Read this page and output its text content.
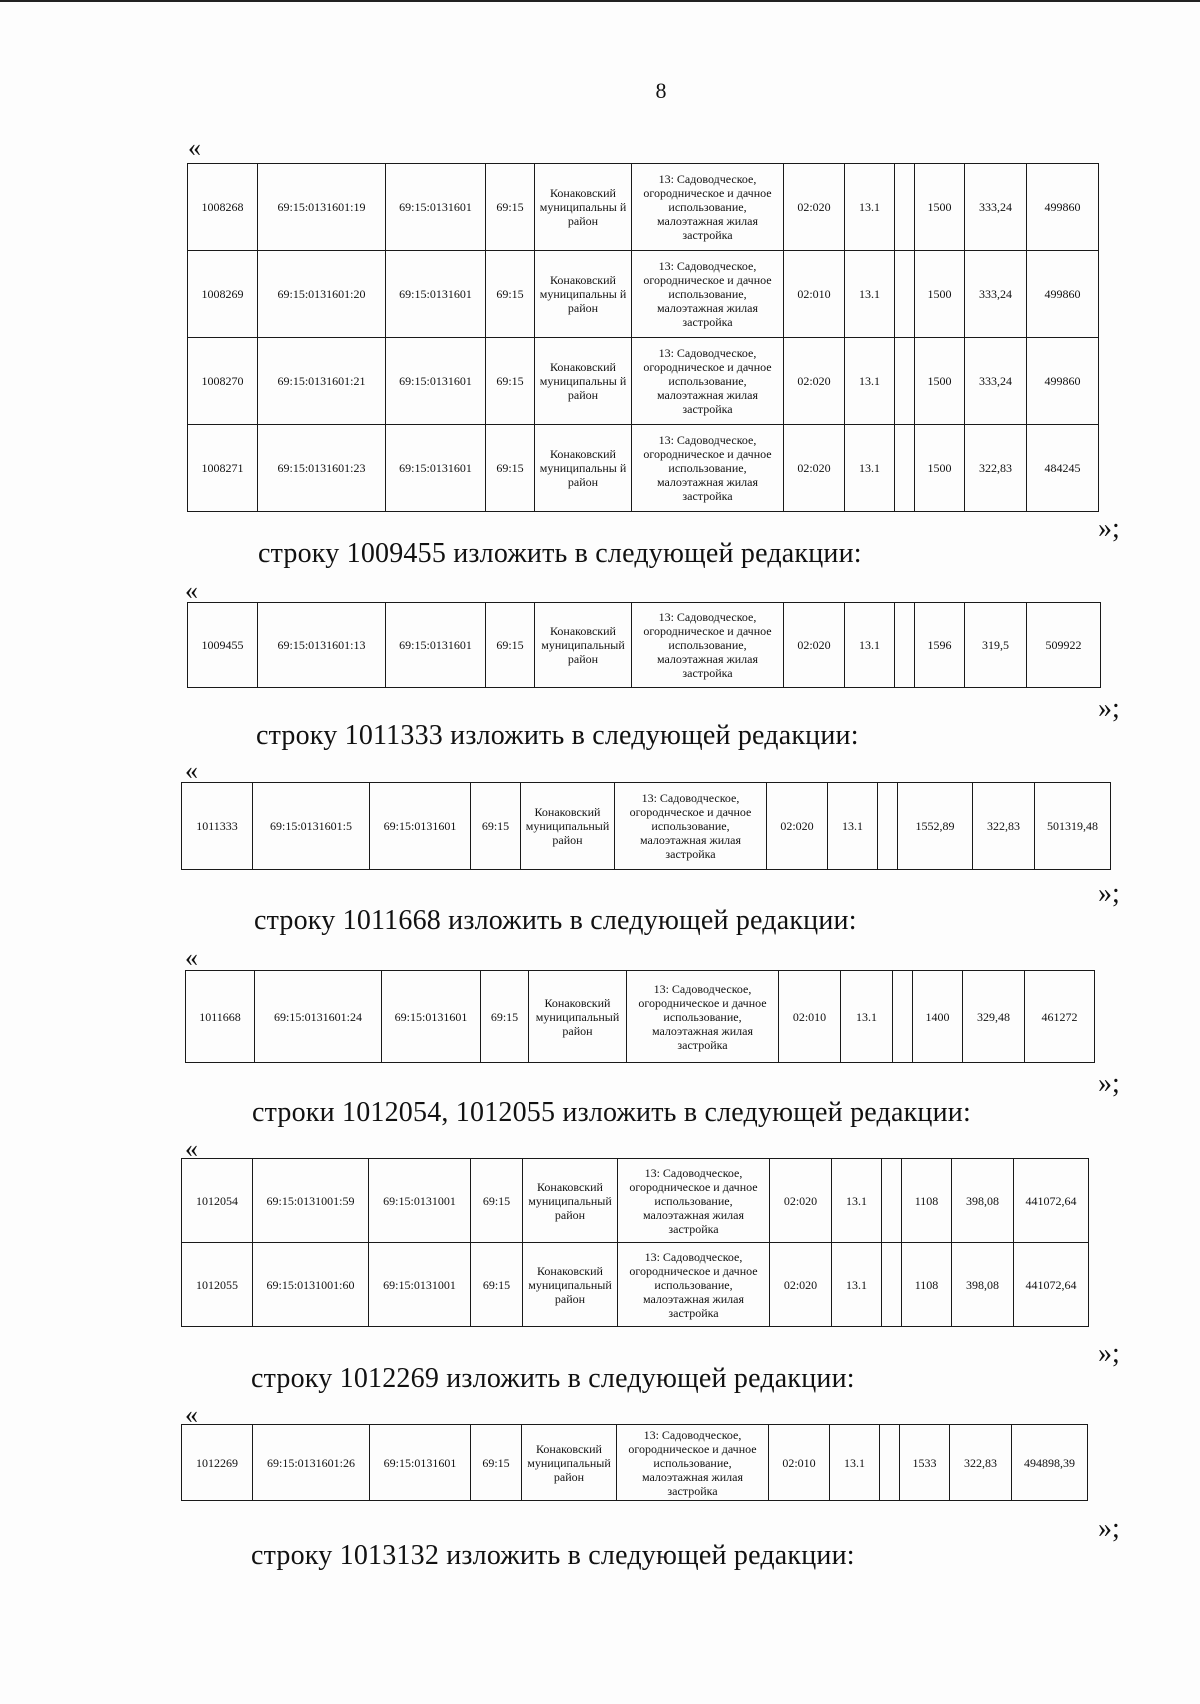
8
«
1008268	69:15:0131601:19	69:15:0131601	69:15	Конаковский муниципальны й район	13: Садоводческое, огородническое и дачное использование, малоэтажная жилая застройка	02:020	13.1		1500	333,24	499860
1008269	69:15:0131601:20	69:15:0131601	69:15	Конаковский муниципальны й район	13: Садоводческое, огородническое и дачное использование, малоэтажная жилая застройка	02:010	13.1		1500	333,24	499860
1008270	69:15:0131601:21	69:15:0131601	69:15	Конаковский муниципальны й район	13: Садоводческое, огородническое и дачное использование, малоэтажная жилая застройка	02:020	13.1		1500	333,24	499860
1008271	69:15:0131601:23	69:15:0131601	69:15	Конаковский муниципальны й район	13: Садоводческое, огородническое и дачное использование, малоэтажная жилая застройка	02:020	13.1		1500	322,83	484245
»;
строку 1009455 изложить в следующей редакции:
«
1009455	69:15:0131601:13	69:15:0131601	69:15	Конаковский муниципальный район	13: Садоводческое, огородническое и дачное использование, малоэтажная жилая застройка	02:020	13.1		1596	319,5	509922
»;
строку 1011333 изложить в следующей редакции:
«
1011333	69:15:0131601:5	69:15:0131601	69:15	Конаковский муниципальный район	13: Садоводческое, огороднческое и дачное использование, малоэтажная жилая застройка	02:020	13.1		1552,89	322,83	501319,48
»;
строку 1011668 изложить в следующей редакции:
«
1011668	69:15:0131601:24	69:15:0131601	69:15	Конаковский муниципальный район	13: Садоводческое, огородническое и дачное использование, малоэтажная жилая застройка	02:010	13.1		1400	329,48	461272
»;
строки 1012054, 1012055 изложить в следующей редакции:
«
1012054	69:15:0131001:59	69:15:0131001	69:15	Конаковский муниципальный район	13: Садоводческое, огородническое и дачное использование, малоэтажная жилая застройка	02:020	13.1		1108	398,08	441072,64
1012055	69:15:0131001:60	69:15:0131001	69:15	Конаковский муниципальный район	13: Садоводческое, огородническое и дачное использование, малоэтажная жилая застройка	02:020	13.1		1108	398,08	441072,64
»;
строку 1012269 изложить в следующей редакции:
«
1012269	69:15:0131601:26	69:15:0131601	69:15	Конаковский муниципальный район	13: Садоводческое, огородническое и дачное использование, малоэтажная жилая застройка	02:010	13.1		1533	322,83	494898,39
»;
строку 1013132 изложить в следующей редакции:
